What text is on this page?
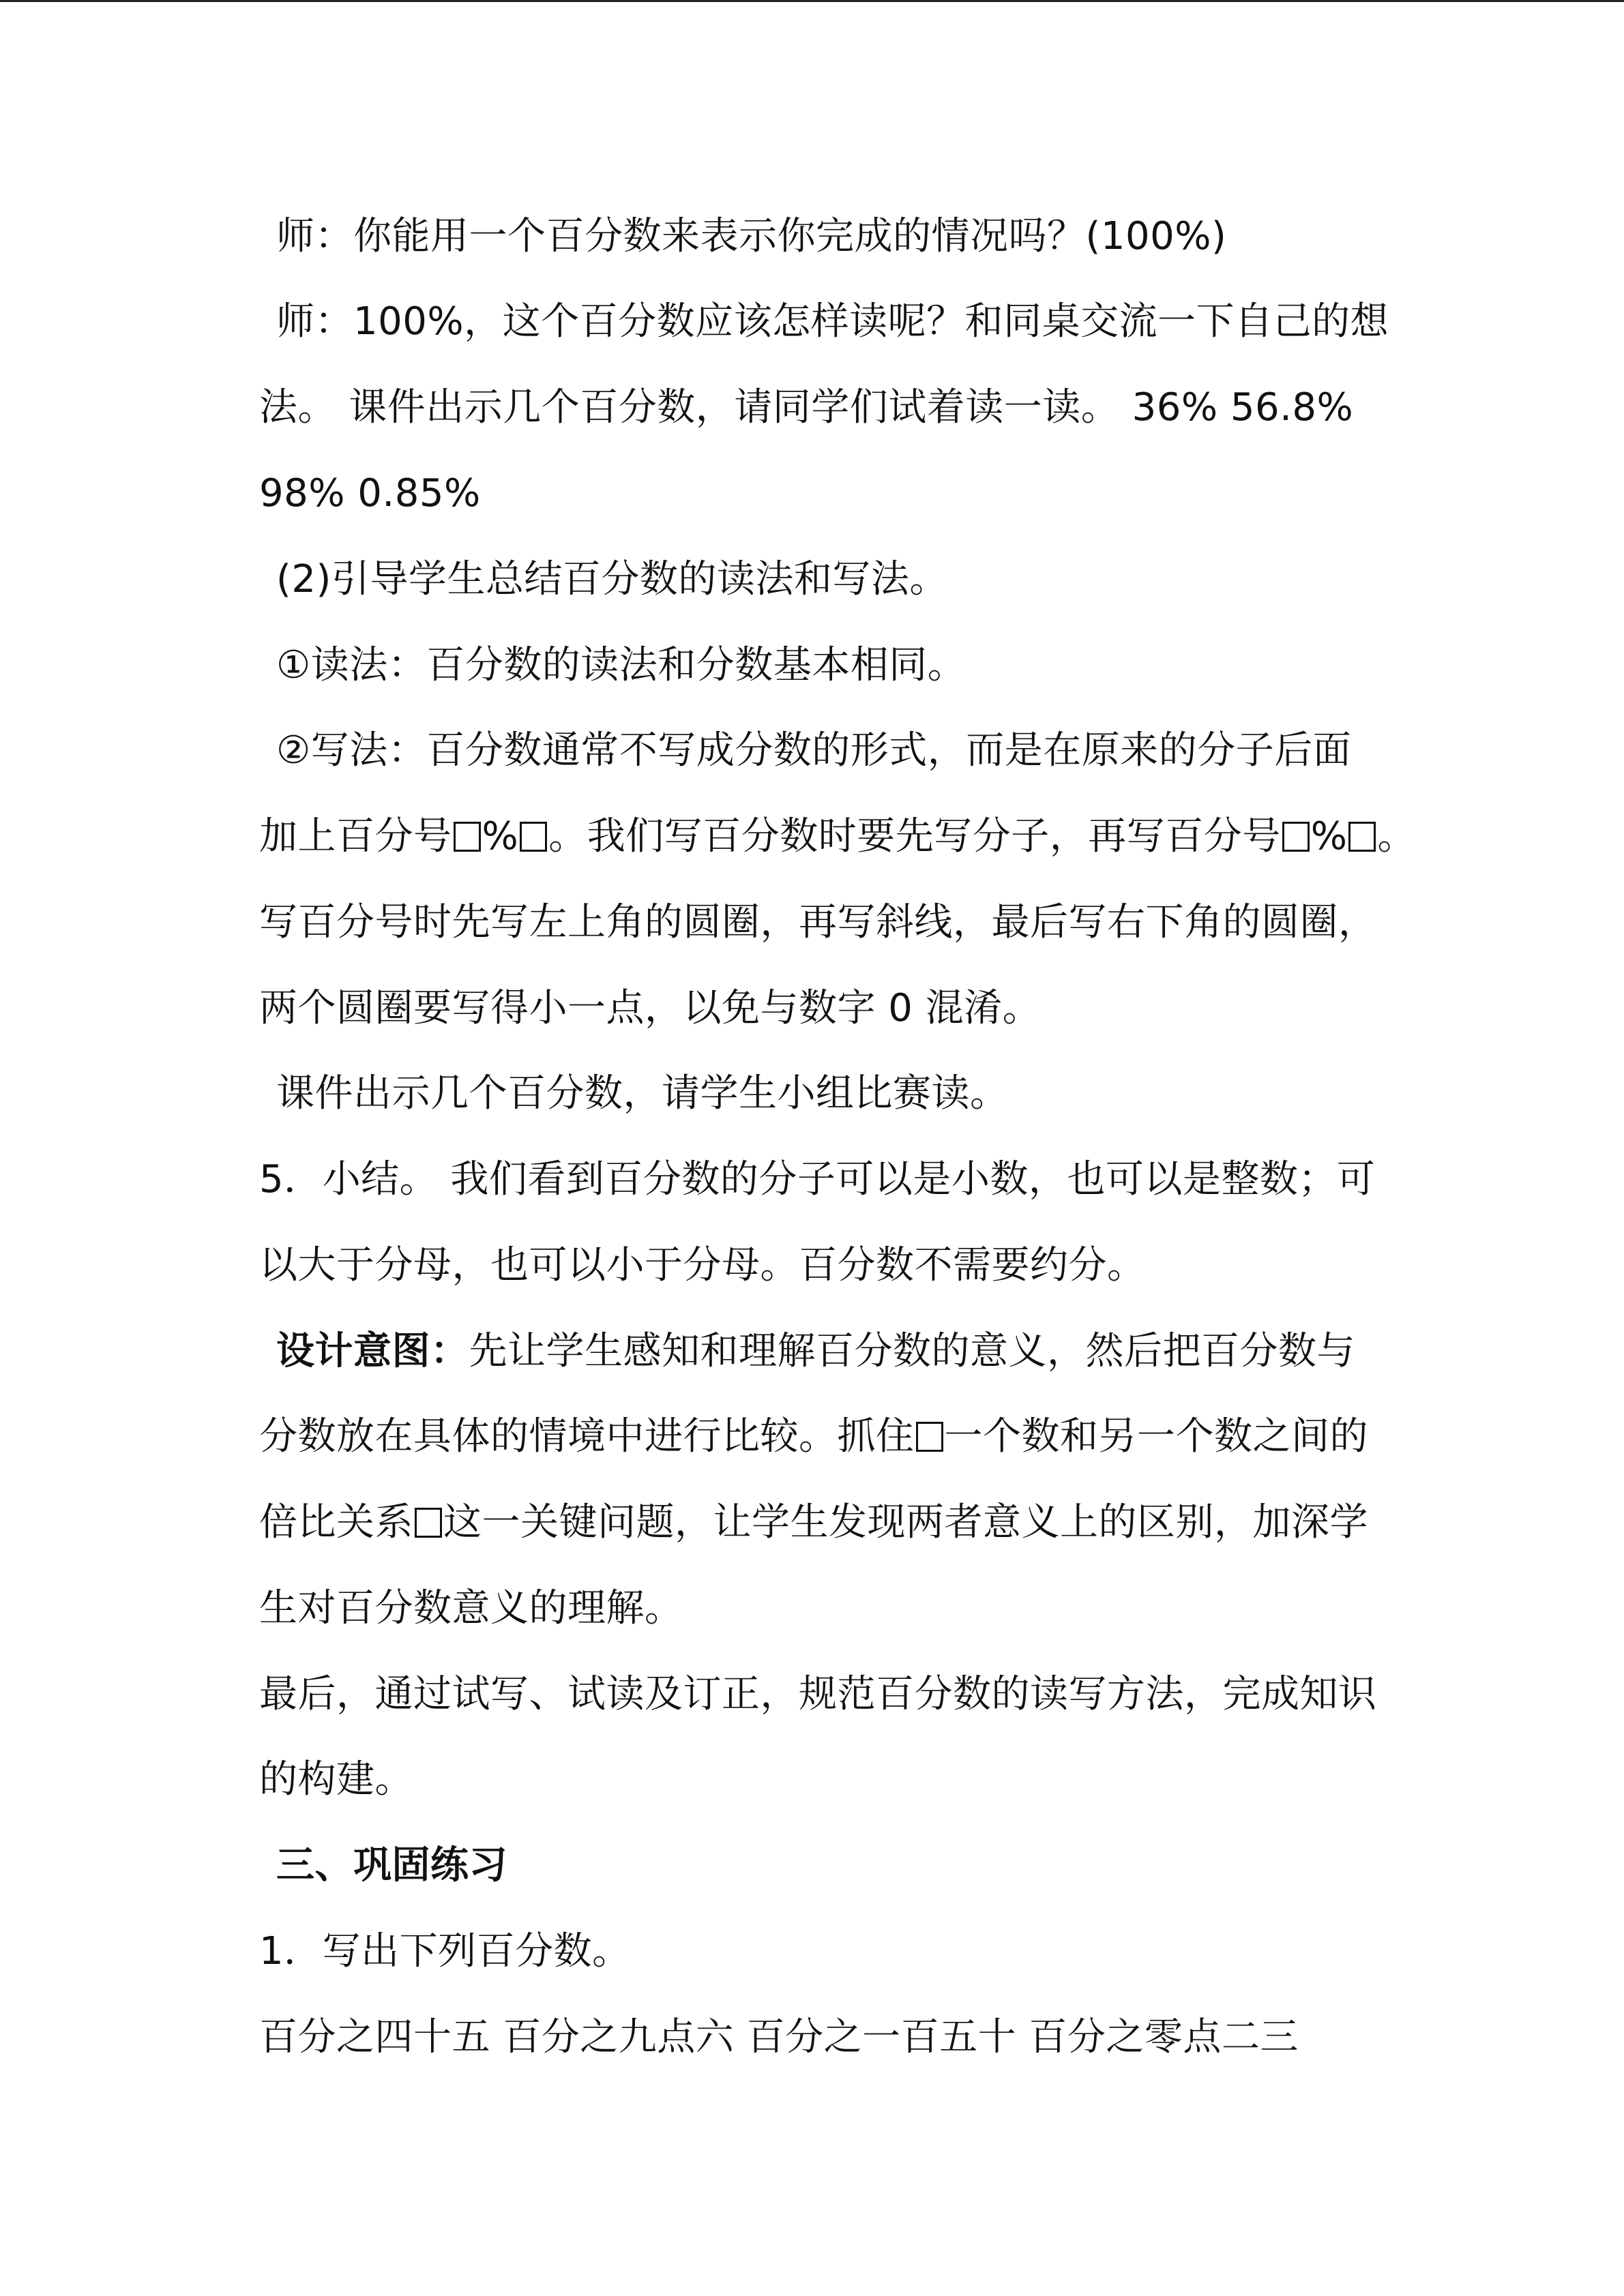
师：你能用一个百分数来表示你完成的情况吗？(100%)
师：100%，这个百分数应该怎样读呢？和同桌交流一下自己的想
法。 课件出示几个百分数，请同学们试着读一读。 36% 56.8%
98% 0.85%
(2)引导学生总结百分数的读法和写法。
①读法：百分数的读法和分数基本相同。
②写法：百分数通常不写成分数的形式，而是在原来的分子后面
加上百分号 % 。我们写百分数时要先写分子，再写百分号 % 。
写百分号时先写左上角的圆圈，再写斜线，最后写右下角的圆圈，
两个圆圈要写得小一点，以免与数字 0 混淆。
课件出示几个百分数，请学生小组比赛读。
5．小结。 我们看到百分数的分子可以是小数，也可以是整数；可
以大于分母，也可以小于分母。百分数不需要约分。
设计意图：先让学生感知和理解百分数的意义，然后把百分数与
分数放在具体的情境中进行比较。抓住 一个数和另一个数之间的
倍比关系 这一关键问题，让学生发现两者意义上的区别，加深学
生对百分数意义的理解。
最后，通过试写、试读及订正，规范百分数的读写方法，完成知识
的构建。
三、巩固练习
1．写出下列百分数。
百分之四十五 百分之九点六 百分之一百五十 百分之零点二三
